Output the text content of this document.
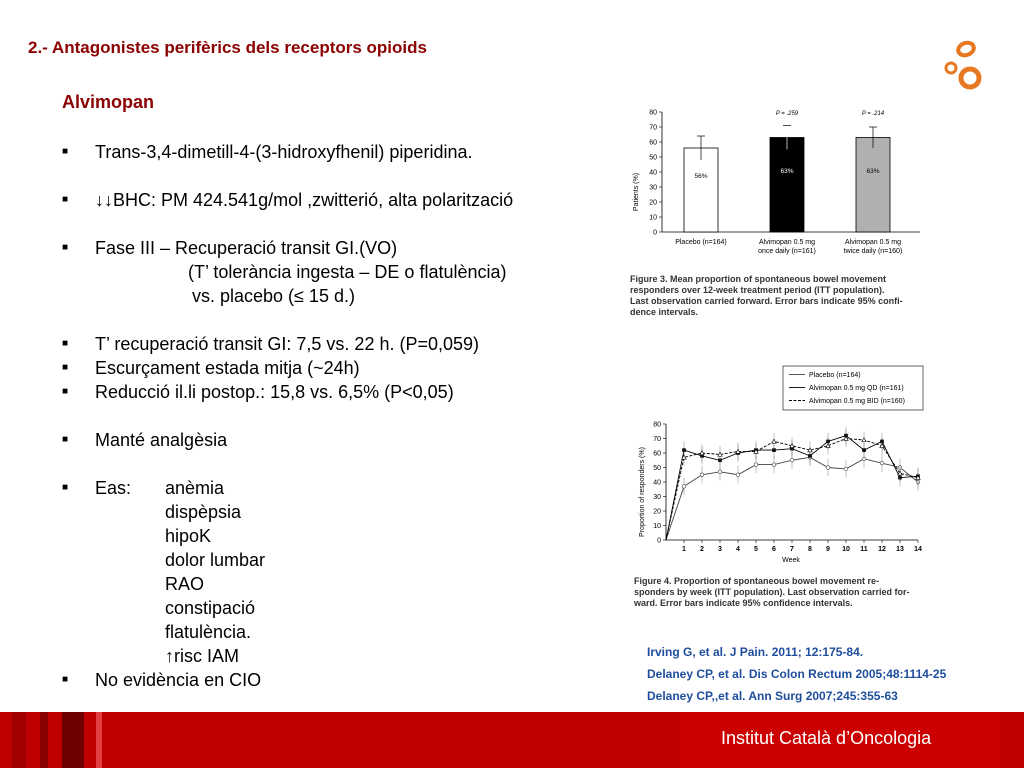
2.- Antagonistes perifèrics dels receptors opioids
Alvimopan
■ Trans-3,4-dimetill-4-(3-hidroxyfhenil) piperidina.
■ ↓↓BHC: PM 424.541g/mol ,zwitterió, alta polarització
■ Fase III – Recuperació transit GI.(VO)
(T’ tolerància ingesta – DE o flatulència)
vs. placebo (≤ 15 d.)
■ T’ recuperació transit GI: 7,5 vs. 22 h. (P=0,059)
■ Escurçament estada mitja (~24h)
■ Reducció il.li postop.: 15,8 vs. 6,5% (P<0,05)
■ Manté analgèsia
■ Eas: anèmia
dispèpsia
hipoK
dolor lumbar
RAO
constipació
flatulència.
↑risc IAM
■ No evidència en CIO
Patients (%)
0
10
20
30
40
50
60
70
80
56%
Placebo (n=164)
63%
Alvimopan 0.5 mg
once daily (n=161)
63%
Alvimopan 0.5 mg
twice daily (n=160)
P = .259	P = .214
Figure 3. Mean proportion of spontaneous bowel movement
responders over 12-week treatment period (ITT population).
Last observation carried forward. Error bars indicate 95% confi-
dence intervals.
Proportion of responders (%)
Week
0
10
20
30
40
50
60
70
80
1 2 3 4 5 6 7 8 9 10 11 12 13 14
Placebo (n=164)
Alvimopan 0.5 mg QD (n=161)
Alvimopan 0.5 mg BID (n=160)
Figure 4. Proportion of spontaneous bowel movement re-
sponders by week (ITT population). Last observation carried for-
ward. Error bars indicate 95% confidence intervals.
Irving G, et al. J Pain. 2011; 12:175-84.
Delaney CP, et al. Dis Colon Rectum 2005;48:1114-25
Delaney CP,,et al. Ann Surg 2007;245:355-63
Institut Català d’Oncologia
